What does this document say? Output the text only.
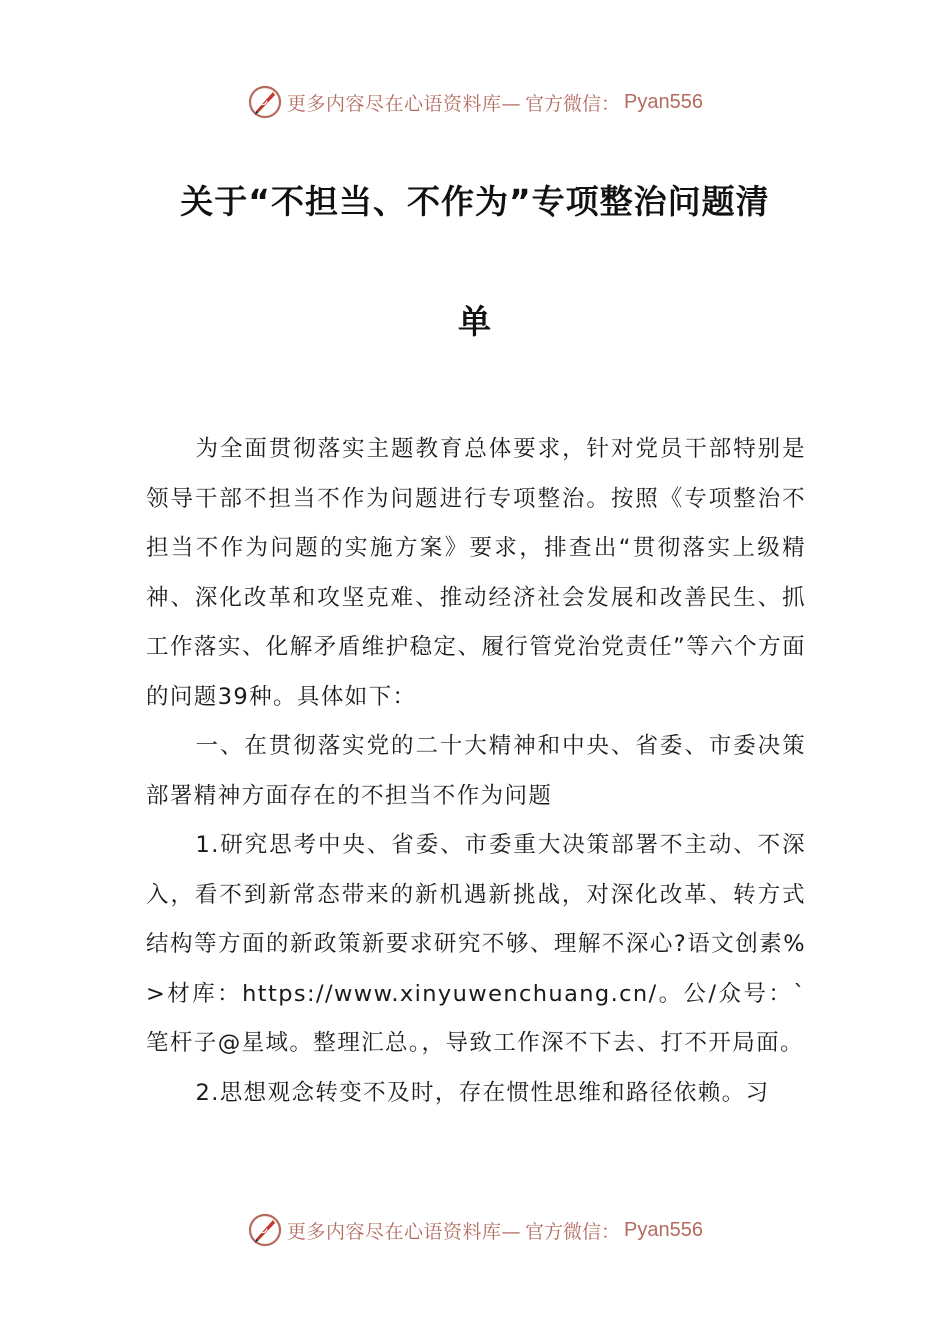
更多内容尽在心语资料库— 官方微信： Pyan556
关于“不担当、不作为”专项整治问题清
单

为全面贯彻落实主题教育总体要求，针对党员干部特别是领导干部不担当不作为问题进行专项整治。按照《专项整治不担当不作为问题的实施方案》要求，排查出“贯彻落实上级精神、深化改革和攻坚克难、推动经济社会发展和改善民生、抓工作落实、化解矛盾维护稳定、履行管党治党责任”等六个方面的问题39种。具体如下：

一、在贯彻落实党的二十大精神和中央、省委、市委决策部署精神方面存在的不担当不作为问题

1.研究思考中央、省委、市委重大决策部署不主动、不深入，看不到新常态带来的新机遇新挑战，对深化改革、转方式结构等方面的新政策新要求研究不够、理解不深心?语文创素%>材库：https://www.xinyuwenchuang.cn/。公/众号：`笔杆子@星域。整理汇总。，导致工作深不下去、打不开局面。

2.思想观念转变不及时，存在惯性思维和路径依赖。习

更多内容尽在心语资料库— 官方微信： Pyan556
